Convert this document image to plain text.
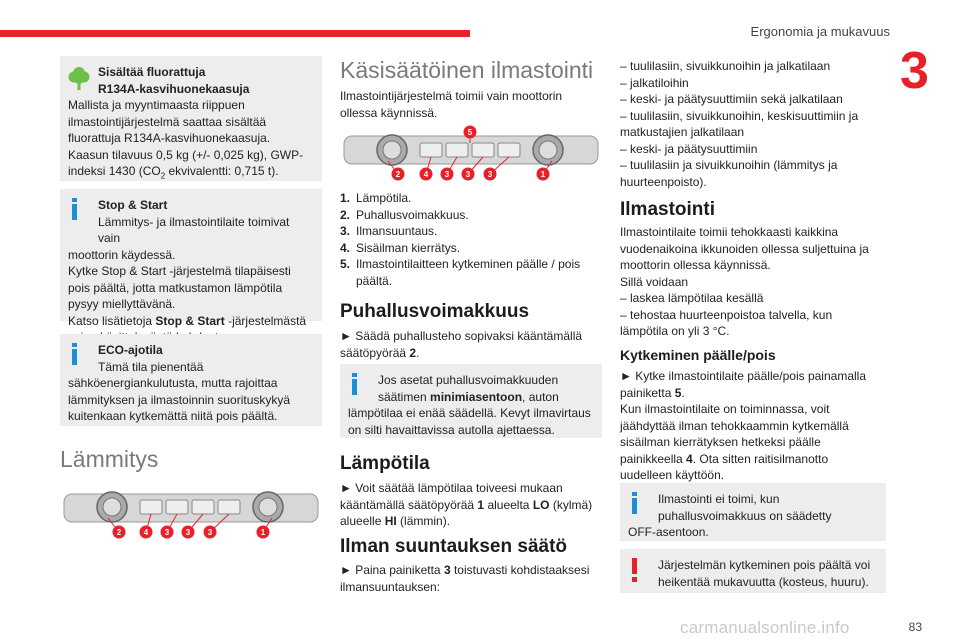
Ergonomia ja mukavuus
3
83
carmanualsonline.info
Sisältää fluorattuja
R134A-kasvihuonekaasuja
Mallista ja myyntimaasta riippuen
ilmastointijärjestelmä saattaa sisältää
fluorattuja R134A-kasvihuonekaasuja.
Kaasun tilavuus 0,5 kg (+/- 0,025 kg), GWP-
indeksi 1430 ($CO_2$ ekvivalentti: 0,715 t).
Stop & Start
Lämmitys- ja ilmastointilaite toimivat vain
moottorin käydessä.
Kytke Stop & Start -järjestelmä tilapäisesti
pois päältä, jotta matkustamon lämpötila
pysyy miellyttävänä.
Katso lisätietoja Stop & Start -järjestelmästä
ECO-ajotila
Tämä tila pienentää
sähköenergiankulutusta, mutta rajoittaa
lämmityksen ja ilmastoinnin suorituskykyä
kuitenkaan kytkemättä niitä pois päältä.
Lämmitys
2	4 3 3 3	1
Käsisäätöinen ilmastointi
Ilmastointijärjestelmä toimii vain moottorin
ollessa käynnissä.
5
2	4 3 3 3	1
1. Lämpötila.
2. Puhallusvoimakkuus.
3. Ilmansuuntaus.
4. Sisäilman kierrätys.
5. Ilmastointilaitteen kytkeminen päälle / pois
päältä.
Puhallusvoimakkuus
► Säädä puhallusteho sopivaksi kääntämällä
säätöpyörää 2.
Jos asetat puhallusvoimakkuuden
säätimen minimiasentoon, auton
lämpötilaa ei enää säädellä. Kevyt ilmavirtaus
on silti havaittavissa autolla ajettaessa.
Lämpötila
► Voit säätää lämpötilaa toiveesi mukaan
kääntämällä säätöpyörää 1 alueelta LO (kylmä)
alueelle HI (lämmin).
Ilman suuntauksen säätö
► Paina painiketta 3 toistuvasti kohdistaaksesi
ilmansuuntauksen:
– tuulilasiin, sivuikkunoihin ja jalkatilaan
– jalkatiloihin
– keski- ja päätysuuttimiin sekä jalkatilaan
– tuulilasiin, sivuikkunoihin, keskisuuttimiin ja
matkustajien jalkatilaan
– keski- ja päätysuuttimiin
– tuulilasiin ja sivuikkunoihin (lämmitys ja
huurteenpoisto).
Ilmastointi
Ilmastointilaite toimii tehokkaasti kaikkina
vuodenaikoina ikkunoiden ollessa suljettuina ja
moottorin ollessa käynnissä.
Sillä voidaan
– laskea lämpötilaa kesällä
– tehostaa huurteenpoistoa talvella, kun
lämpötila on yli 3 °C.
Kytkeminen päälle/pois
► Kytke ilmastointilaite päälle/pois painamalla
painiketta 5.
Kun ilmastointilaite on toiminnassa, voit
jäähdyttää ilman tehokkaammin kytkemällä
sisäilman kierrätyksen hetkeksi päälle
painikkeella 4. Ota sitten raitisilmanotto
uudelleen käyttöön.
Ilmastointi ei toimi, kun
puhallusvoimakkuus on säädetty
OFF-asentoon.
Järjestelmän kytkeminen pois päältä voi
heikentää mukavuutta (kosteus, huuru).
